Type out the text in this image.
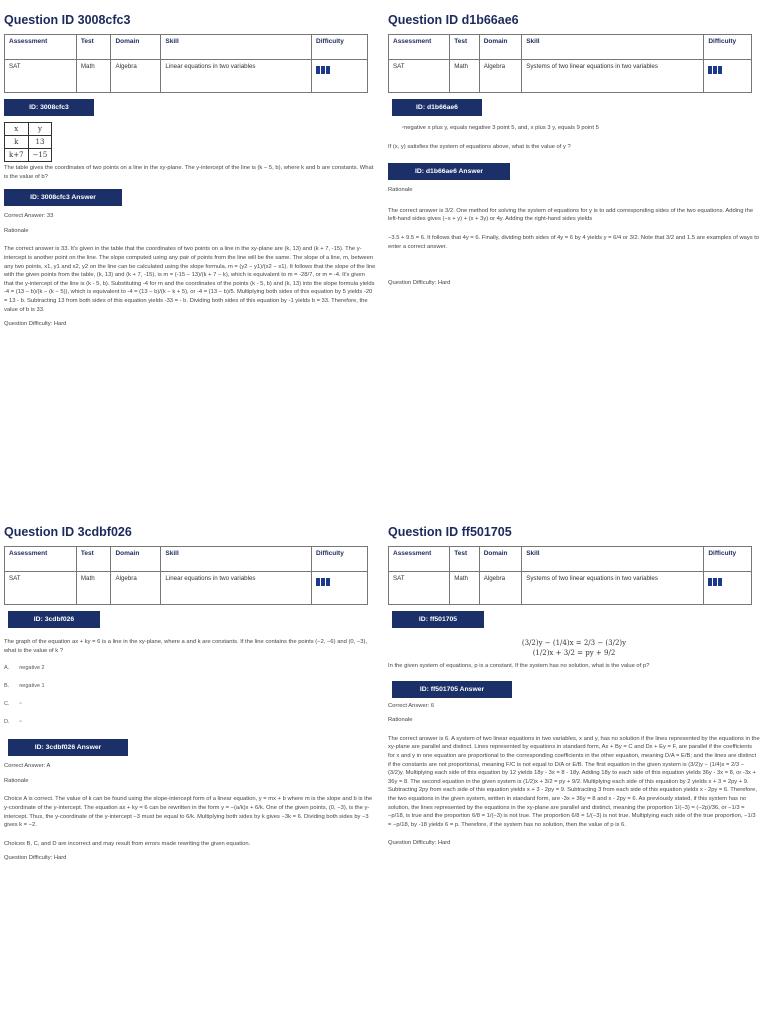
Question ID 3008cfc3
Assessment	Test	Domain	Skill	Difficulty
SAT	Math	Algebra	Linear equations in two variables	
ID: 3008cfc3
x	y
k	13
k+7	−15
The table gives the coordinates of two points on a line in the xy-plane. The y-intercept of the line is (k − 5, b), where k and b are constants. What is the value of b?
ID: 3008cfc3 Answer
Correct Answer: 33
Rationale
The correct answer is 33. It's given in the table that the coordinates of two points on a line in the xy-plane are (k, 13) and (k + 7, -15). The y-intercept is another point on the line. The slope computed using any pair of points from the line will be the same. The slope of a line, m, between any two points, x1, y1 and x2, y2 on the line can be calculated using the slope formula, m = (y2 − y1)/(x2 − x1). It follows that the slope of the line with the given points from the table, (k, 13) and (k + 7, -15), is m = (-15 − 13)/(k + 7 − k), which is equivalent to m = -28/7, or m = -4. It's given that the y-intercept of the line is (k - 5, b). Substituting -4 for m and the coordinates of the points (k - 5, b) and (k, 13) into the slope formula yields -4 = (13 − b)/(k − (k − 5)), which is equivalent to -4 = (13 − b)/(k − k + 5), or -4 = (13 − b)/5. Multiplying both sides of this equation by 5 yields -20 = 13 - b. Subtracting 13 from both sides of this equation yields -33 = - b. Dividing both sides of this equation by -1 yields b = 33. Therefore, the value of b is 33.
Question Difficulty: Hard
Question ID d1b66ae6
Assessment	Test	Domain	Skill	Difficulty
SAT	Math	Algebra	Systems of two linear equations in two variables	
ID: d1b66ae6
▫negative x plus y, equals negative 3 point 5, and, x plus 3 y, equals 9 point 5
If (x, y) satisfies the system of equations above, what is the value of y ?
ID: d1b66ae6 Answer
Rationale
The correct answer is 3/2. One method for solving the system of equations for y is to add corresponding sides of the two equations. Adding the left-hand sides gives (−x + y) + (x + 3y) or 4y. Adding the right-hand sides yields
−3.5 + 9.5 = 6. It follows that 4y = 6. Finally, dividing both sides of 4y = 6 by 4 yields y = 6/4 or 3/2. Note that 3/2 and 1.5 are examples of ways to enter a correct answer.
Question Difficulty: Hard
Question ID 3cdbf026
Assessment	Test	Domain	Skill	Difficulty
SAT	Math	Algebra	Linear equations in two variables	
ID: 3cdbf026
The graph of the equation ax + ky = 6 is a line in the xy-plane, where a and k are constants. If the line contains the points (−2, −6) and (0, −3), what is the value of k ?
A. negative 2
B. negative 1
C. ▫
D. ▫
ID: 3cdbf026 Answer
Correct Answer: A
Rationale
Choice A is correct. The value of k can be found using the slope-intercept form of a linear equation, y = mx + b where m is the slope and b is the y-coordinate of the y-intercept. The equation ax + ky = 6 can be rewritten in the form y = −(a/k)x + 6/k. One of the given points, (0, −3), is the y-intercept. Thus, the y-coordinate of the y-intercept −3 must be equal to 6/k. Multiplying both sides by k gives −3k = 6. Dividing both sides by −3 gives k = −2.
Choices B, C, and D are incorrect and may result from errors made rewriting the given equation.
Question Difficulty: Hard
Question ID ff501705
Assessment	Test	Domain	Skill	Difficulty
SAT	Math	Algebra	Systems of two linear equations in two variables	
ID: ff501705
(3/2)y − (1/4)x = 2/3 − (3/2)y
(1/2)x + 3/2 = py + 9/2
In the given system of equations, p is a constant. If the system has no solution, what is the value of p?
ID: ff501705 Answer
Correct Answer: 6
Rationale
The correct answer is 6. A system of two linear equations in two variables, x and y, has no solution if the lines represented by the equations in the xy-plane are parallel and distinct. Lines represented by equations in standard form, Ax + By = C and Dx + Ey = F, are parallel if the coefficients for x and y in one equation are proportional to the corresponding coefficients in the other equation, meaning D/A = E/B; and the lines are distinct if the constants are not proportional, meaning F/C is not equal to D/A or E/B. The first equation in the given system is (3/2)y − (1/4)x = 2/3 − (3/2)y. Multiplying each side of this equation by 12 yields 18y - 3x = 8 - 18y. Adding 18y to each side of this equation yields 36y - 3x = 8, or -3x + 36y = 8. The second equation in the given system is (1/2)x + 3/2 = py + 9/2. Multiplying each side of this equation by 2 yields x + 3 = 2py + 9. Subtracting 2py from each side of this equation yields x + 3 - 2py = 9. Subtracting 3 from each side of this equation yields x - 2py = 6. Therefore, the two equations in the given system, written in standard form, are -3x + 36y = 8 and x - 2py = 6. As previously stated, if this system has no solution, the lines represented by the equations in the xy-plane are parallel and distinct, meaning the proportion 1/(−3) = (−2p)/36, or −1/3 = −p/18, is true and the proportion 6/8 = 1/(−3) is not true. The proportion 6/8 = 1/(−3) is not true. Multiplying each side of the true proportion, −1/3 = −p/18, by -18 yields 6 = p. Therefore, if the system has no solution, then the value of p is 6.
Question Difficulty: Hard
